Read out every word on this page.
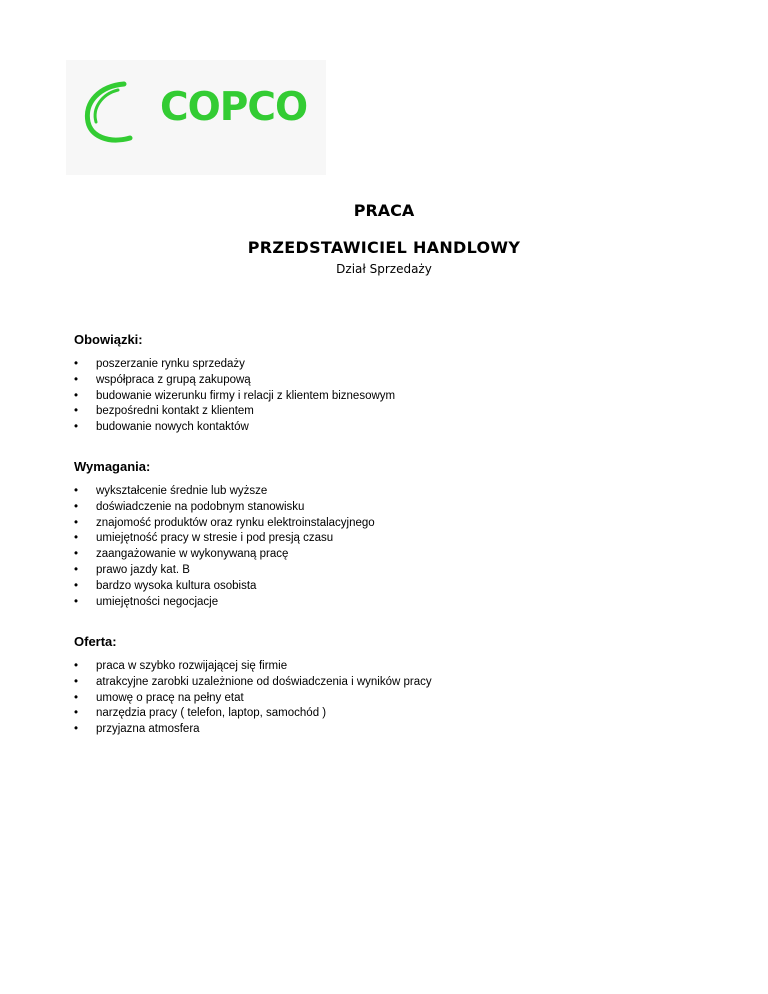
COPCO
PRACA
PRZEDSTAWICIEL HANDLOWY
Dział Sprzedaży
Obowiązki:
• poszerzanie rynku sprzedaży
• współpraca z grupą zakupową
• budowanie wizerunku firmy i relacji z klientem biznesowym
• bezpośredni kontakt z klientem
• budowanie nowych kontaktów
Wymagania:
• wykształcenie średnie lub wyższe
• doświadczenie na podobnym stanowisku
• znajomość produktów oraz rynku elektroinstalacyjnego
• umiejętność pracy w stresie i pod presją czasu
• zaangażowanie w wykonywaną pracę
• prawo jazdy kat. B
• bardzo wysoka kultura osobista
• umiejętności negocjacje
Oferta:
• praca w szybko rozwijającej się firmie
• atrakcyjne zarobki uzależnione od doświadczenia i wyników pracy
• umowę o pracę na pełny etat
• narzędzia pracy ( telefon, laptop, samochód )
• przyjazna atmosfera
